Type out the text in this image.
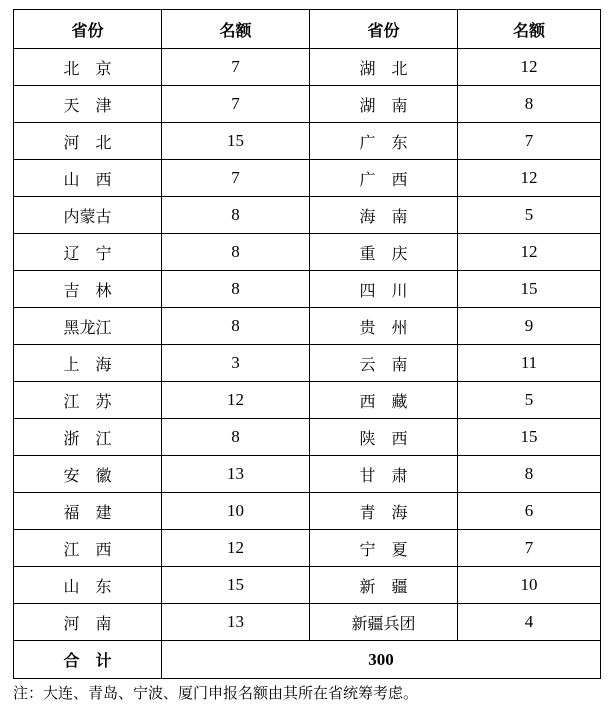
省份	名额	省份	名额
北　京	7	湖　北	12
天　津	7	湖　南	8
河　北	15	广　东	7
山　西	7	广　西	12
内蒙古	8	海　南	5
辽　宁	8	重　庆	12
吉　林	8	四　川	15
黑龙江	8	贵　州	9
上　海	3	云　南	11
江　苏	12	西　藏	5
浙　江	8	陕　西	15
安　徽	13	甘　肃	8
福　建	10	青　海	6
江　西	12	宁　夏	7
山　东	15	新　疆	10
河　南	13	新疆兵团	4
合　计	300		
注：大连、青岛、宁波、厦门申报名额由其所在省统筹考虑。
